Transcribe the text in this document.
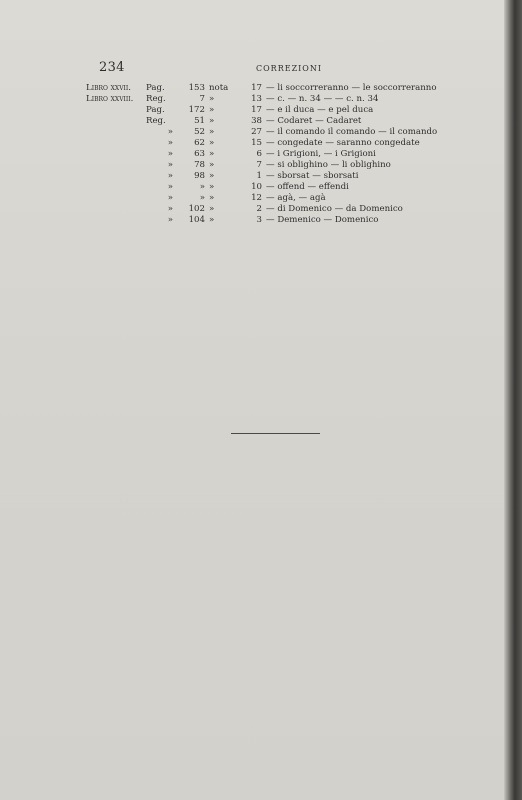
234	CORREZIONI
Libro xxvii.	Pag.	153	nota	17	— li soccorreranno — le soccorreranno
Libro xxviii.	Reg.	7	»	13	— c. — n. 34 — — c. n. 34
	Pag.	172	»	17	— e il duca — e pel duca
	Reg.	51	»	38	— Codaret — Cadaret
	»	52	»	27	— il comando il comando — il comando
	»	62	»	15	— congedate — saranno congedate
	»	63	»	6	— i Grigioni, — i Grigioni
	»	78	»	7	— si oblighino — li oblighino
	»	98	»	1	— sborsat — sborsati
	»	»	»	10	— offend — effendi
	»	»	»	12	— agà, — agà
	»	102	»	2	— di Domenico — da Domenico
	»	104	»	3	— Demenico — Domenico
